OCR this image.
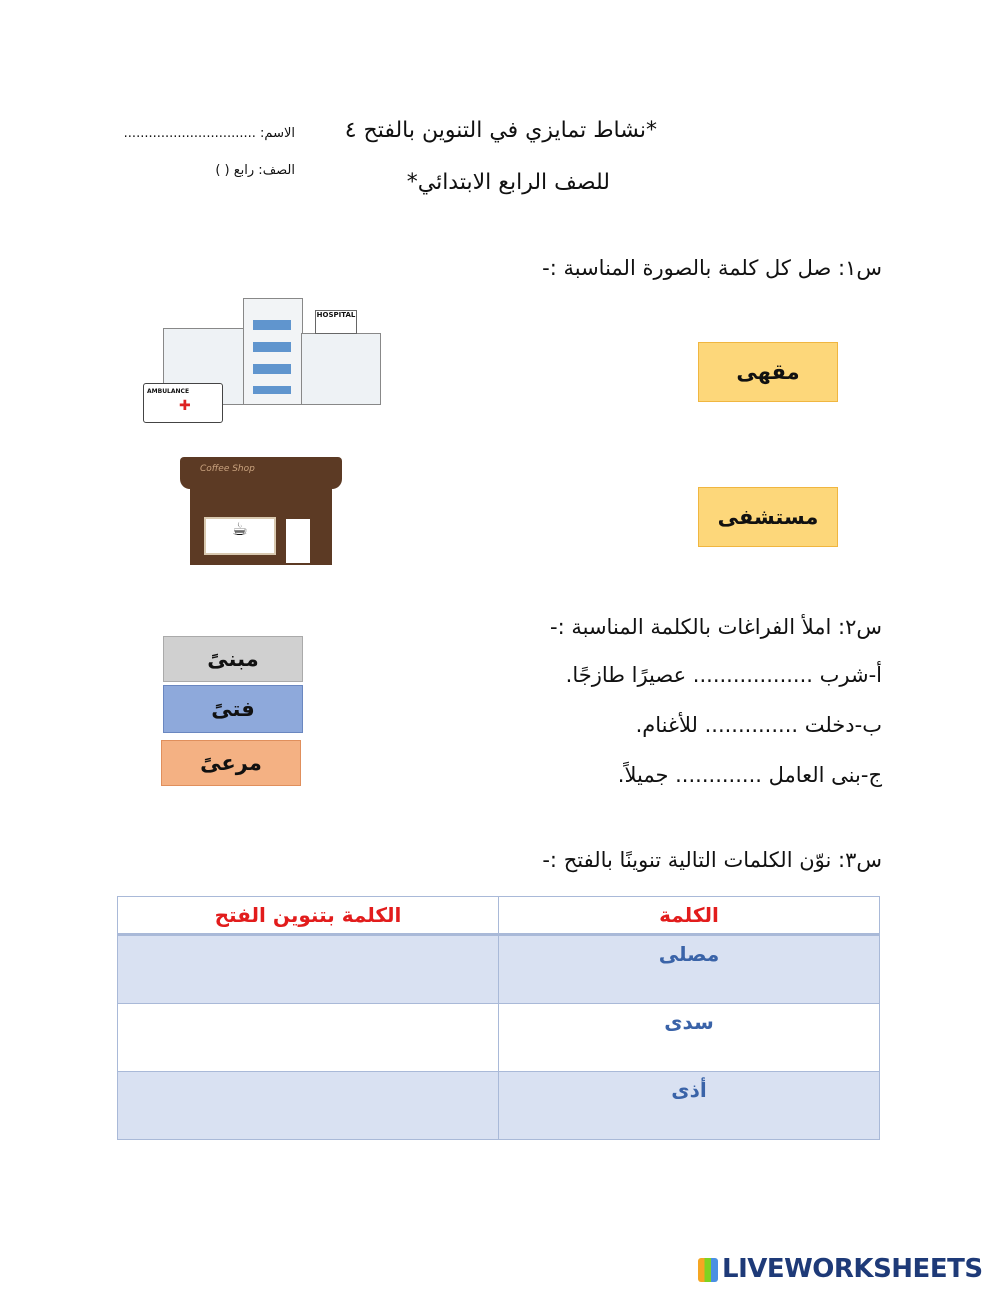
*نشاط تمايزي في التنوين بالفتح ٤
للصف الرابع الابتدائي*
الاسم: ................................
الصف: رابع ( )
س١: صل كل كلمة بالصورة المناسبة :-
HOSPITAL
AMBULANCE
✚
مقهى
Coffee Shop
☕
مستشفى
س٢: املأ الفراغات بالكلمة المناسبة :-
أ-شرب .................. عصيرًا طازجًا.
ب-دخلت .............. للأغنام.
ج-بنى العامل ............. جميلاً.
مبنىً
فتىً
مرعىً
س٣: نوّن الكلمات التالية تنوينًا بالفتح :-
الكلمة بتنوين الفتح	الكلمة
	مصلى
	سدى
	أذى
LIVEWORKSHEETS
